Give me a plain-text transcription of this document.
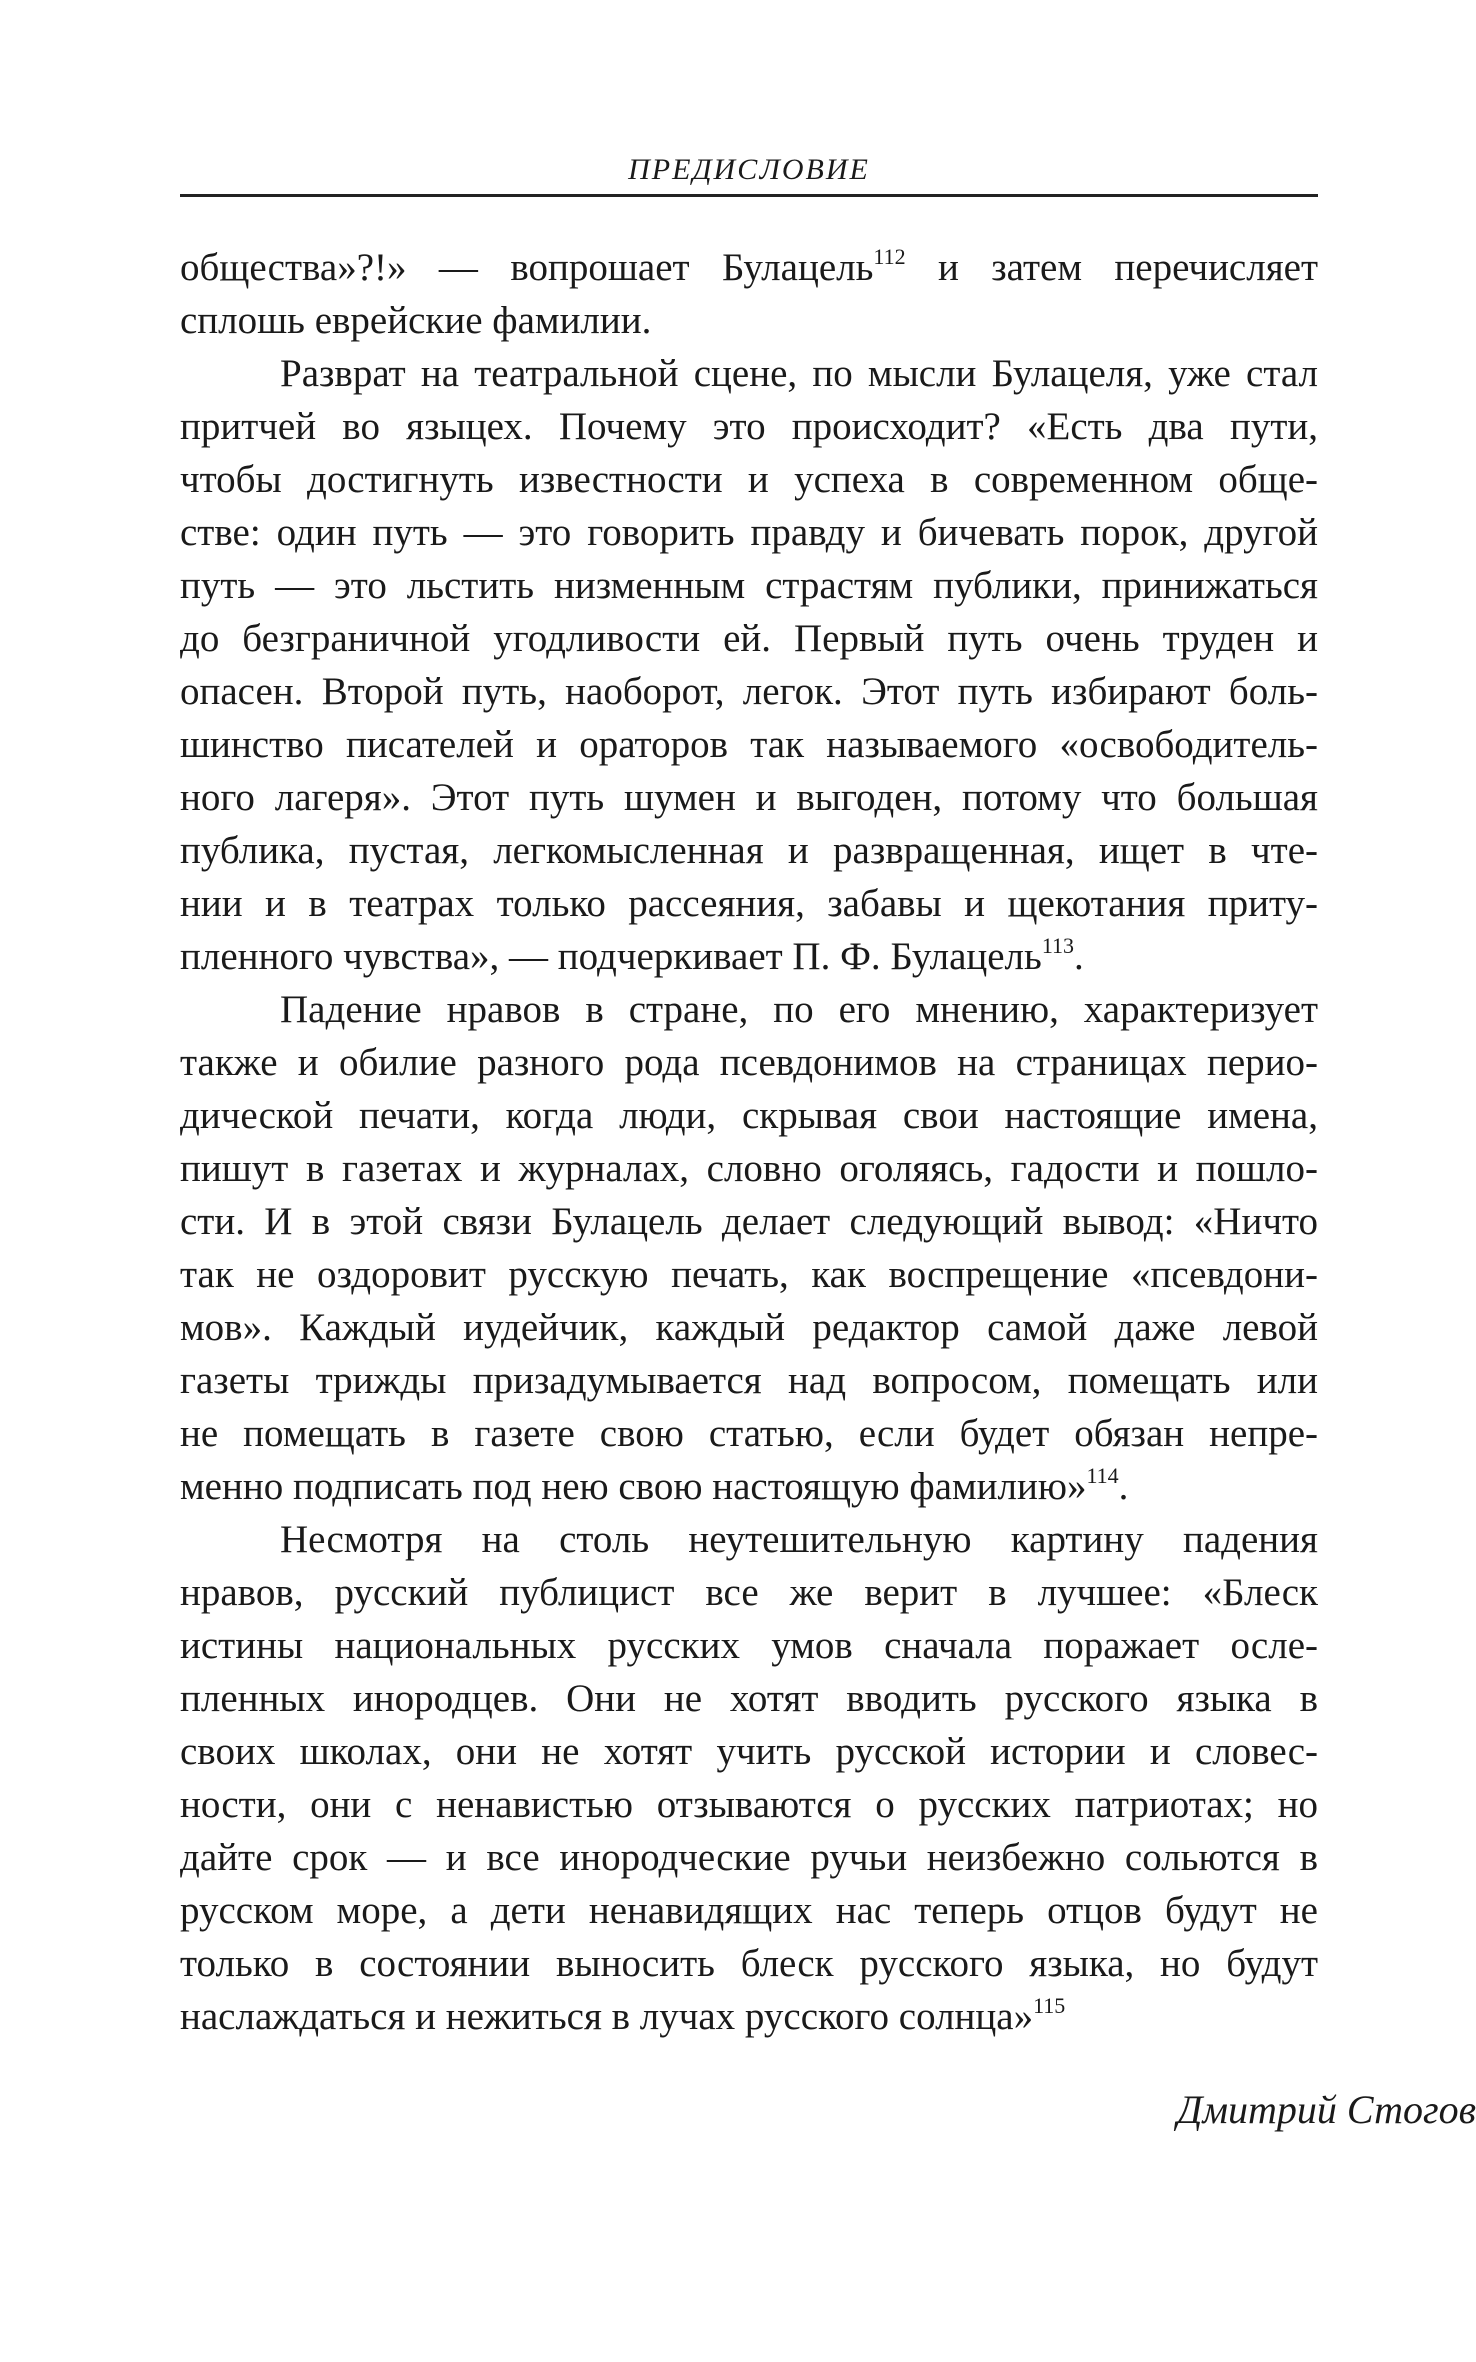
ПРЕДИСЛОВИЕ
общества»?!» — вопрошает Булацель$^{112}$ и затем перечисляет
сплошь еврейские фамилии.
Разврат на театральной сцене, по мысли Булацеля, уже стал
притчей во языцех. Почему это происходит? «Есть два пути,
чтобы достигнуть известности и успеха в современном обще-
стве: один путь — это говорить правду и бичевать порок, другой
путь — это льстить низменным страстям публики, принижаться
до безграничной угодливости ей. Первый путь очень труден и
опасен. Второй путь, наоборот, легок. Этот путь избирают боль-
шинство писателей и ораторов так называемого «освободитель-
ного лагеря». Этот путь шумен и выгоден, потому что большая
публика, пустая, легкомысленная и развращенная, ищет в чте-
нии и в театрах только рассеяния, забавы и щекотания приту-
пленного чувства», — подчеркивает П. Ф. Булацель$^{113}$.
Падение нравов в стране, по его мнению, характеризует
также и обилие разного рода псевдонимов на страницах перио-
дической печати, когда люди, скрывая свои настоящие имена,
пишут в газетах и журналах, словно оголяясь, гадости и пошло-
сти. И в этой связи Булацель делает следующий вывод: «Ничто
так не оздоровит русскую печать, как воспрещение «псевдони-
мов». Каждый иудейчик, каждый редактор самой даже левой
газеты трижды призадумывается над вопросом, помещать или
не помещать в газете свою статью, если будет обязан непре-
менно подписать под нею свою настоящую фамилию»$^{114}$.
Несмотря на столь неутешительную картину падения
нравов, русский публицист все же верит в лучшее: «Блеск
истины национальных русских умов сначала поражает осле-
пленных инородцев. Они не хотят вводить русского языка в
своих школах, они не хотят учить русской истории и словес-
ности, они с ненавистью отзываются о русских патриотах; но
дайте срок — и все инородческие ручьи неизбежно сольются в
русском море, а дети ненавидящих нас теперь отцов будут не
только в состоянии выносить блеск русского языка, но будут
наслаждаться и нежиться в лучах русского солнца»$^{115}$
Дмитрий Стогов
